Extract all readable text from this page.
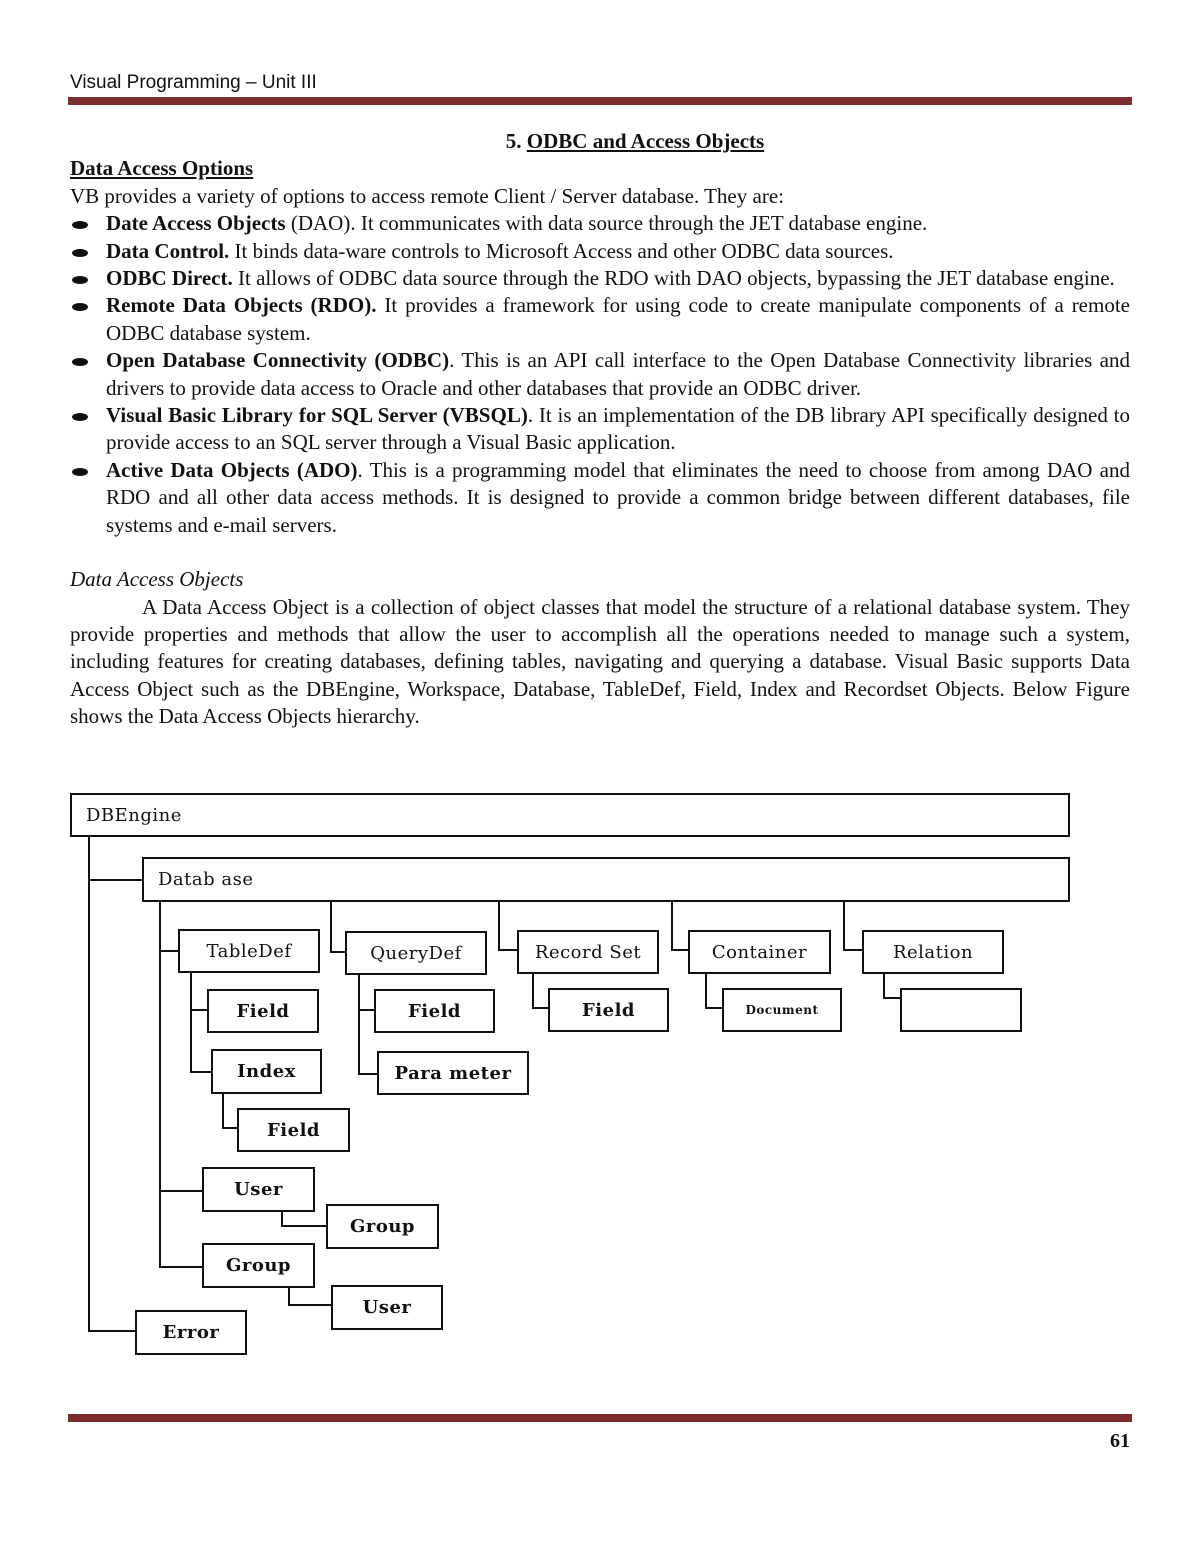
Visual Programming – Unit III
5. ODBC and Access Objects
Data Access Options

VB provides a variety of options to access remote Client / Server database. They are:

Date Access Objects (DAO). It communicates with data source through the JET database engine.
Data Control. It binds data-ware controls to Microsoft Access and other ODBC data sources.
ODBC Direct. It allows of ODBC data source through the RDO with DAO objects, bypassing the JET database engine.
Remote Data Objects (RDO). It provides a framework for using code to create manipulate components of a remote ODBC database system.
Open Database Connectivity (ODBC). This is an API call interface to the Open Database Connectivity libraries and drivers to provide data access to Oracle and other databases that provide an ODBC driver.
Visual Basic Library for SQL Server (VBSQL). It is an implementation of the DB library API specifically designed to provide access to an SQL server through a Visual Basic application.
Active Data Objects (ADO). This is a programming model that eliminates the need to choose from among DAO and RDO and all other data access methods. It is designed to provide a common bridge between different databases, file systems and e-mail servers.
Data Access Objects

A Data Access Object is a collection of object classes that model the structure of a relational database system. They provide properties and methods that allow the user to accomplish all the operations needed to manage such a system, including features for creating databases, defining tables, navigating and querying a database. Visual Basic supports Data Access Object such as the DBEngine, Workspace, Database, TableDef, Field, Index and Recordset Objects. Below Figure shows the Data Access Objects hierarchy.

DBEngine
Datab ase
TableDef	QueryDef	Record Set	Container	Relation
Field	Field	Field	Document
Index	Para meter
Field
User
Group
Group
User
Error
61
